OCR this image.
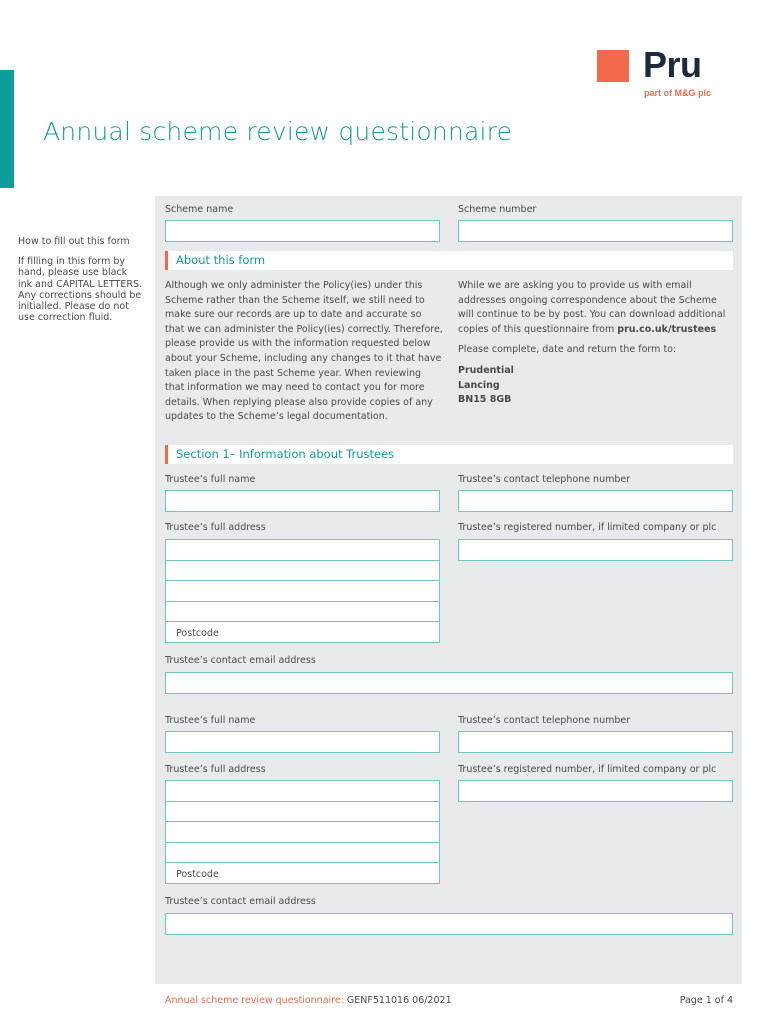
Pru
part of M&G plc
Annual scheme review questionnaire
How to fill out this form
If filling in this form by hand, please use black ink and CAPITAL LETTERS. Any corrections should be initialled. Please do not use correction fluid.
Scheme name	Scheme number
About this form
Although we only administer the Policy(ies) under this Scheme rather than the Scheme itself, we still need to make sure our records are up to date and accurate so that we can administer the Policy(ies) correctly. Therefore, please provide us with the information requested below about your Scheme, including any changes to it that have taken place in the past Scheme year. When reviewing that information we may need to contact you for more details. When replying please also provide copies of any updates to the Scheme’s legal documentation.
While we are asking you to provide us with email addresses ongoing correspondence about the Scheme will continue to be by post. You can download additional copies of this questionnaire from pru.co.uk/trustees
Please complete, date and return the form to:
Prudential
Lancing
BN15 8GB
Section 1– Information about Trustees
Trustee’s full name	Trustee’s contact telephone number
Trustee’s full address
Postcode
Trustee’s registered number, if limited company or plc
Trustee’s contact email address
Trustee’s full name	Trustee’s contact telephone number
Trustee’s full address
Postcode
Trustee’s registered number, if limited company or plc
Trustee’s contact email address
Annual scheme review questionnaire: GENF511016 06/2021	Page 1 of 4
